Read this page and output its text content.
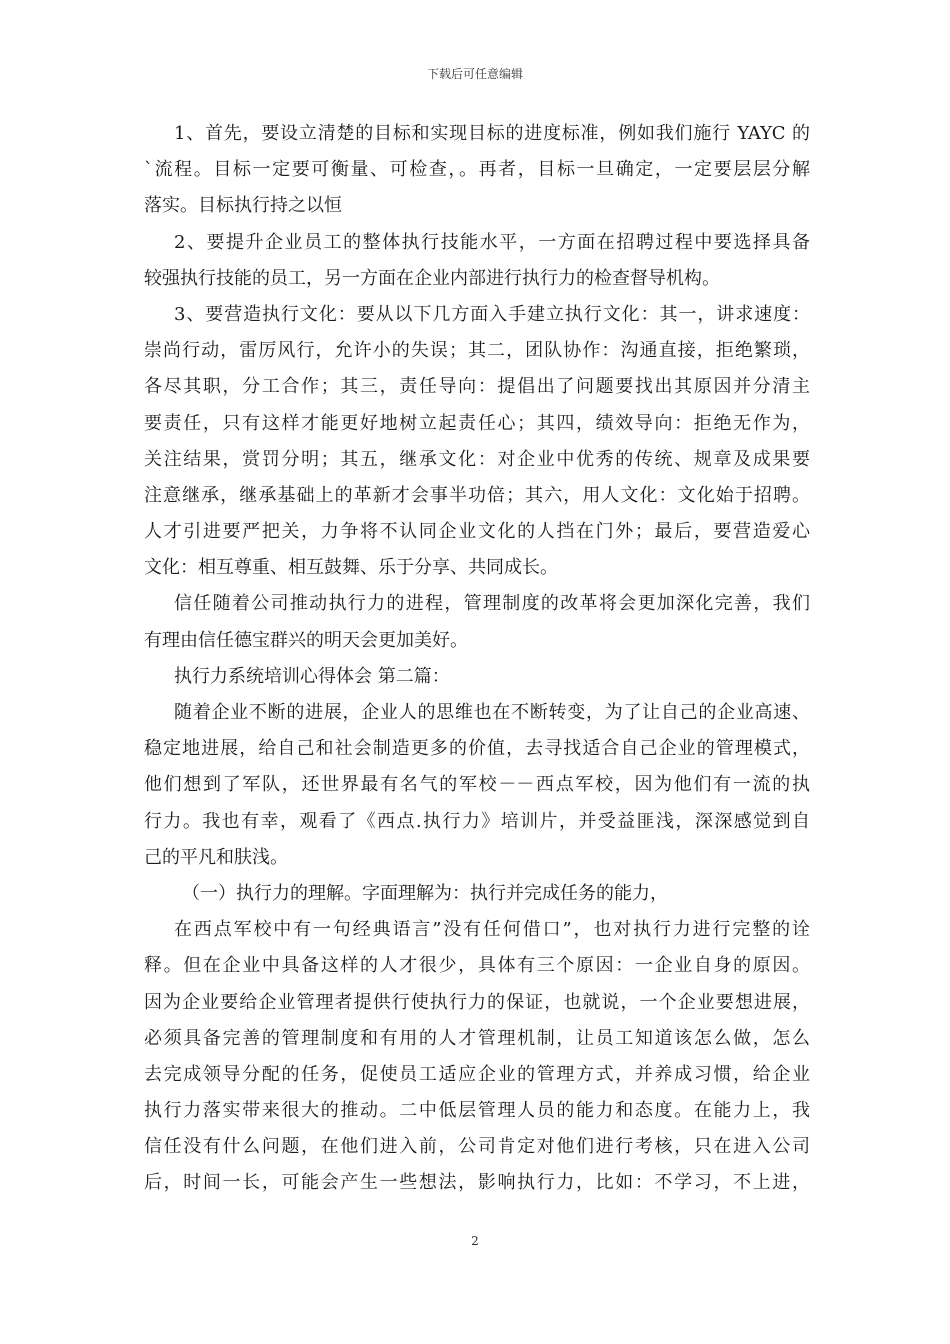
下载后可任意编辑
1、首先，要设立清楚的目标和实现目标的进度标准，例如我们施行 YAYC 的
`流程。目标一定要可衡量、可检查，。再者，目标一旦确定，一定要层层分解
落实。目标执行持之以恒
2、要提升企业员工的整体执行技能水平，一方面在招聘过程中要选择具备
较强执行技能的员工，另一方面在企业内部进行执行力的检查督导机构。
3、要营造执行文化：要从以下几方面入手建立执行文化：其一，讲求速度：
崇尚行动，雷厉风行，允许小的失误；其二，团队协作：沟通直接，拒绝繁琐，
各尽其职，分工合作；其三，责任导向：提倡出了问题要找出其原因并分清主
要责任，只有这样才能更好地树立起责任心；其四，绩效导向：拒绝无作为，
关注结果，赏罚分明；其五，继承文化：对企业中优秀的传统、规章及成果要
注意继承，继承基础上的革新才会事半功倍；其六，用人文化：文化始于招聘。
人才引进要严把关，力争将不认同企业文化的人挡在门外；最后，要营造爱心
文化：相互尊重、相互鼓舞、乐于分享、共同成长。
信任随着公司推动执行力的进程，管理制度的改革将会更加深化完善，我们
有理由信任德宝群兴的明天会更加美好。
执行力系统培训心得体会 第二篇：
随着企业不断的进展，企业人的思维也在不断转变，为了让自己的企业高速、
稳定地进展，给自己和社会制造更多的价值，去寻找适合自己企业的管理模式，
他们想到了军队，还世界最有名气的军校－－西点军校，因为他们有一流的执
行力。我也有幸，观看了《西点.执行力》培训片，并受益匪浅，深深感觉到自
己的平凡和肤浅。
（一）执行力的理解。字面理解为：执行并完成任务的能力，
在西点军校中有一句经典语言”没有任何借口”，也对执行力进行完整的诠
释。但在企业中具备这样的人才很少，具体有三个原因：一企业自身的原因。
因为企业要给企业管理者提供行使执行力的保证，也就说，一个企业要想进展，
必须具备完善的管理制度和有用的人才管理机制，让员工知道该怎么做，怎么
去完成领导分配的任务，促使员工适应企业的管理方式，并养成习惯，给企业
执行力落实带来很大的推动。二中低层管理人员的能力和态度。在能力上，我
信任没有什么问题，在他们进入前，公司肯定对他们进行考核，只在进入公司
后，时间一长，可能会产生一些想法，影响执行力，比如：不学习，不上进，
2
